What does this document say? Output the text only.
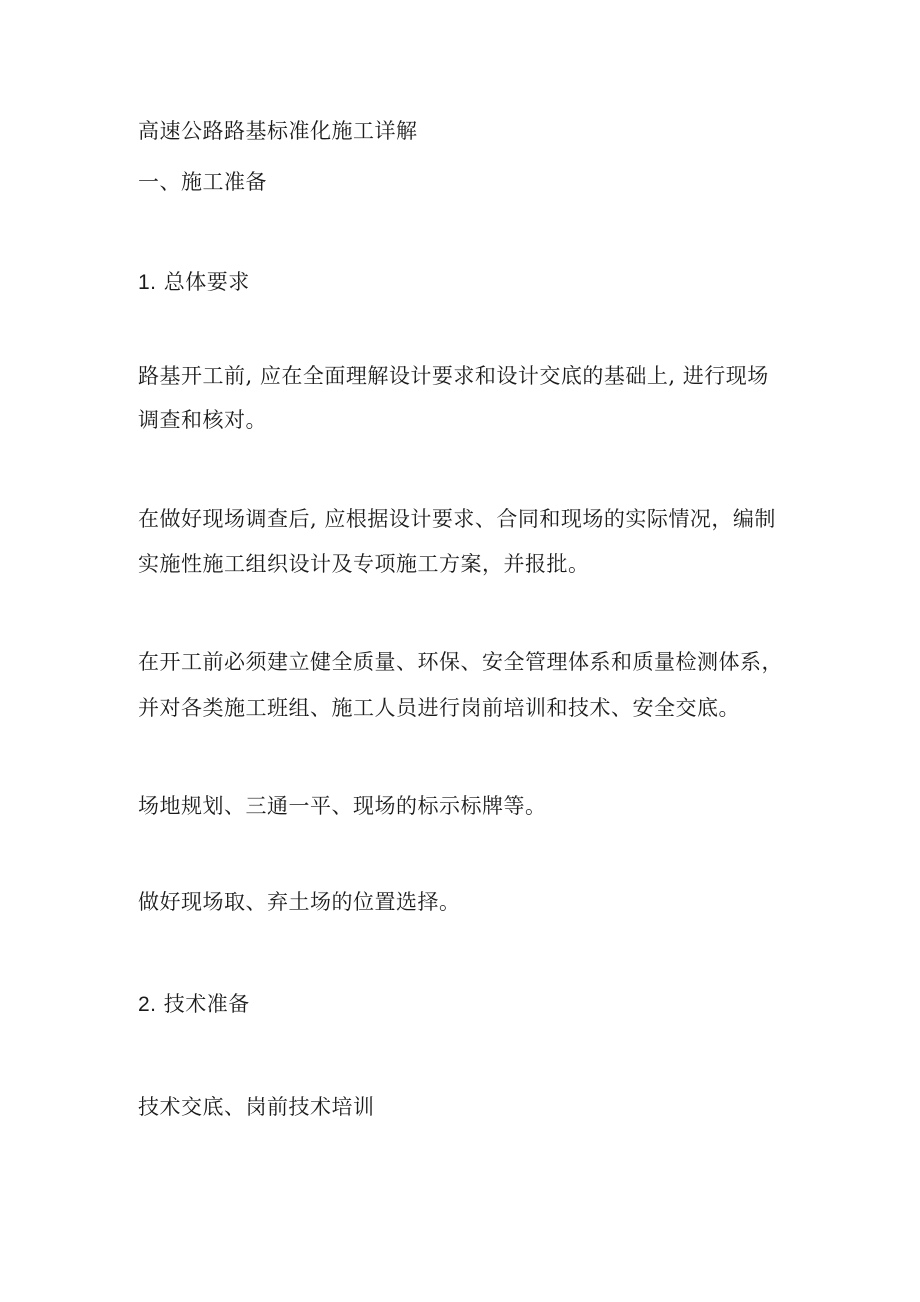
高速公路路基标准化施工详解
一、施工准备
1. 总体要求
路基开工前, 应在全面理解设计要求和设计交底的基础上, 进行现场
调查和核对。
在做好现场调查后, 应根据设计要求、合同和现场的实际情况，编制
实施性施工组织设计及专项施工方案，并报批。
在开工前必须建立健全质量、环保、安全管理体系和质量检测体系，
并对各类施工班组、施工人员进行岗前培训和技术、安全交底。
场地规划、三通一平、现场的标示标牌等。
做好现场取、弃土场的位置选择。
2. 技术准备
技术交底、岗前技术培训
